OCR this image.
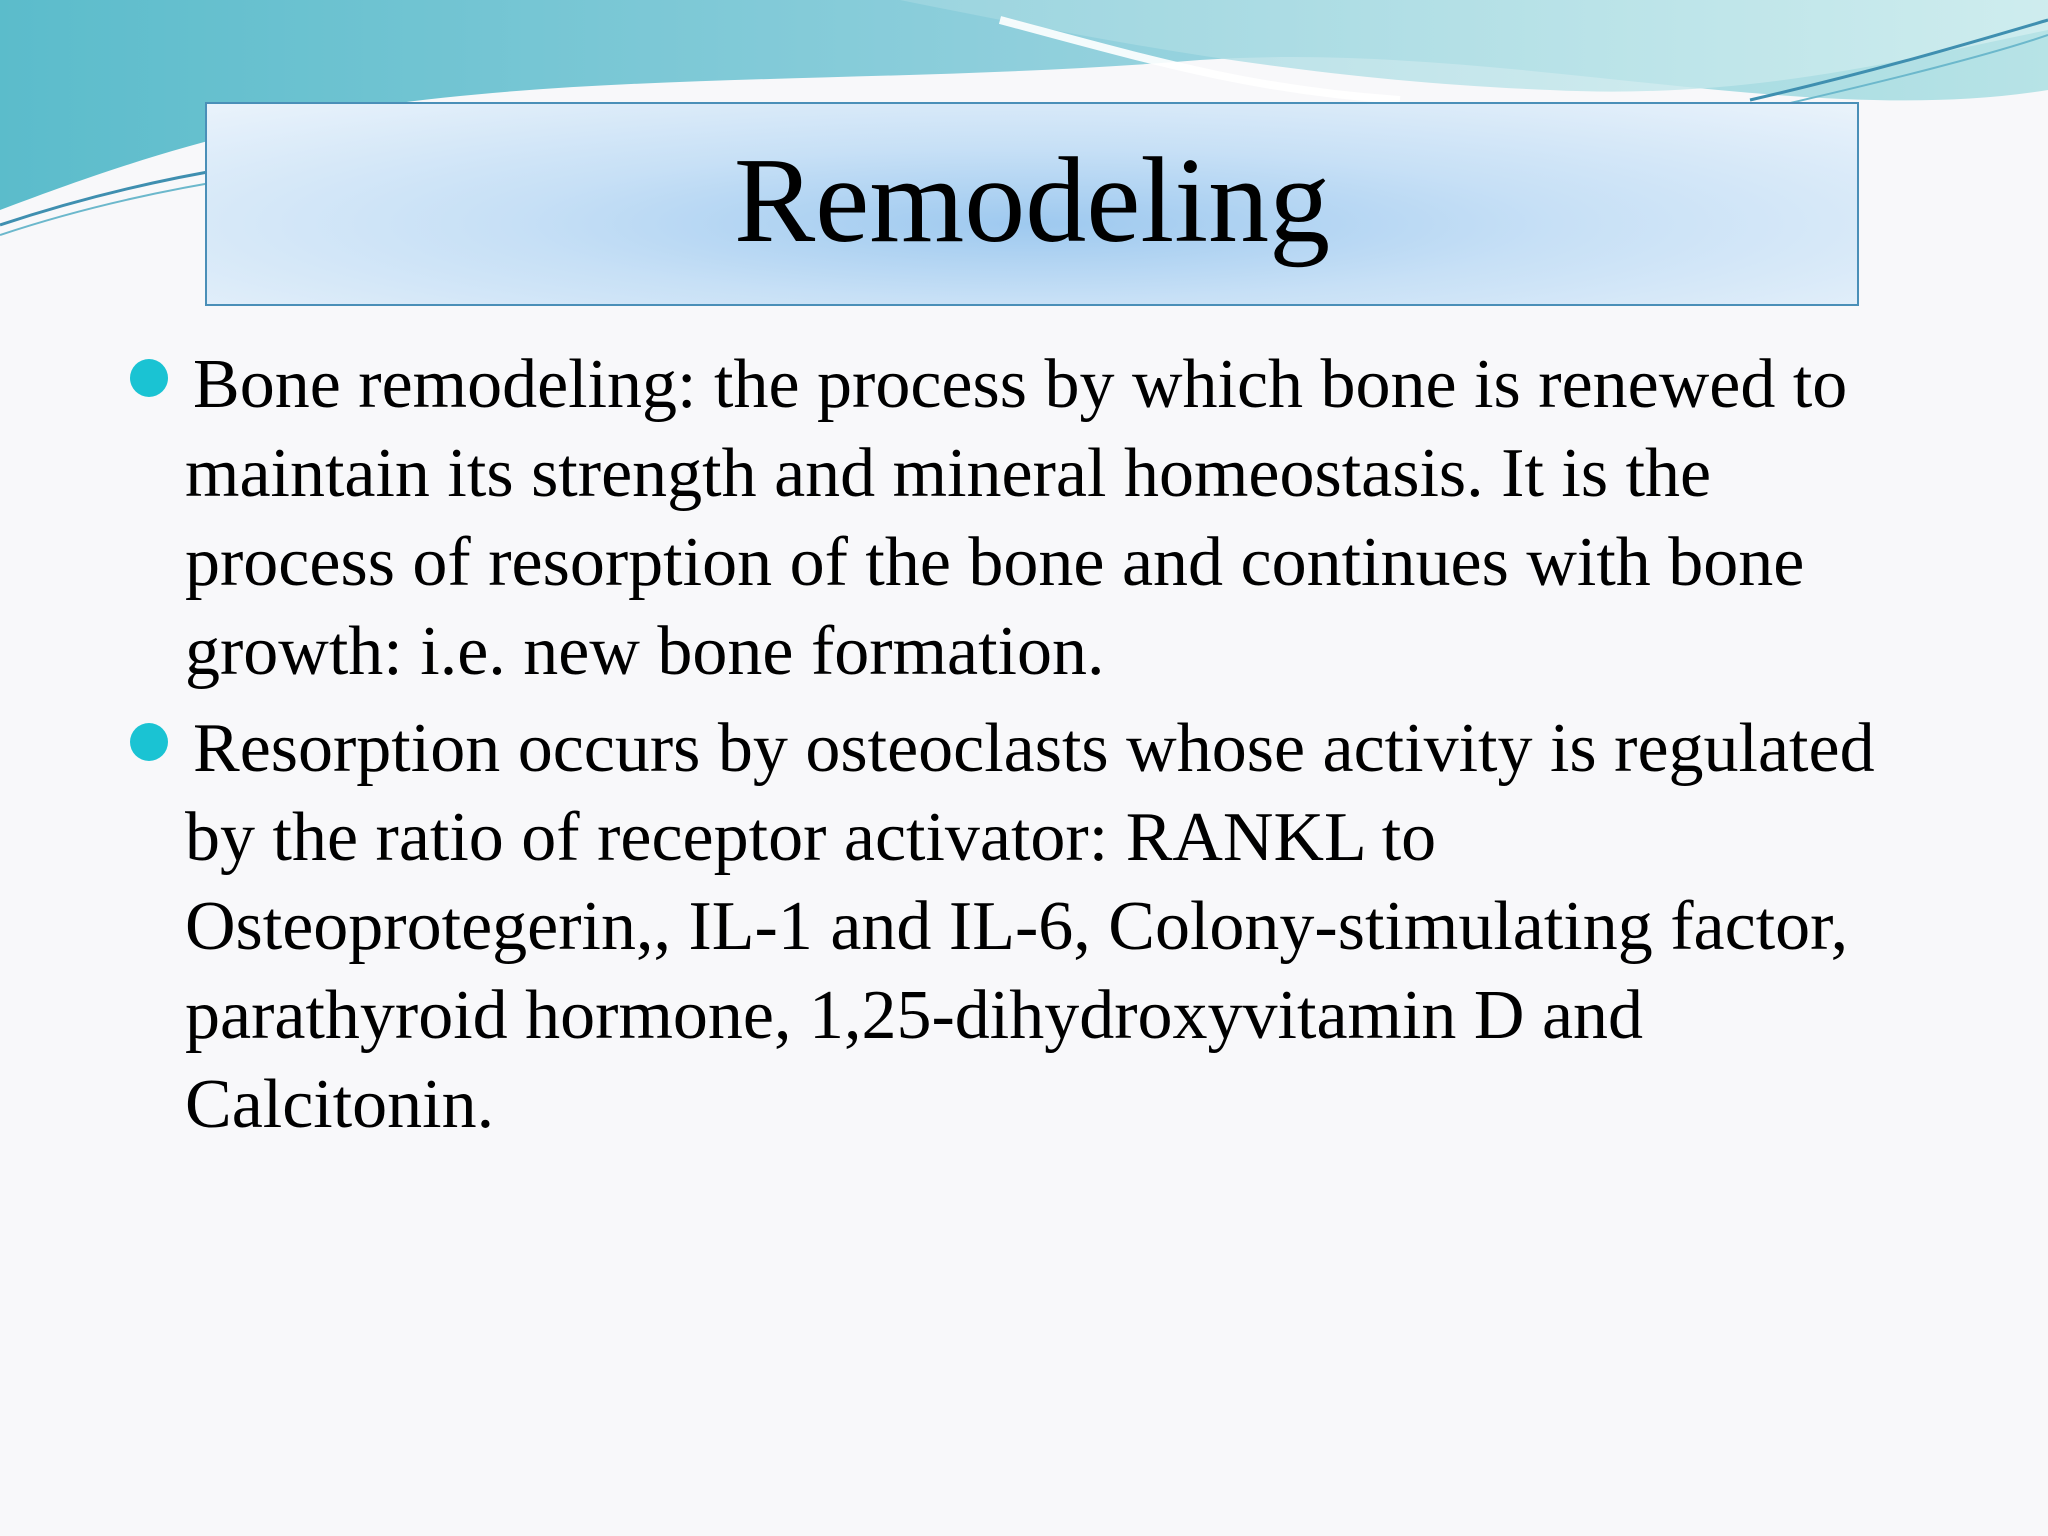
Remodeling
Bone remodeling: the process by which bone is renewed to maintain its strength and mineral homeostasis. It is the process of resorption of the bone and continues with bone growth: i.e. new bone formation.
Resorption occurs by osteoclasts whose activity is regulated by the ratio of receptor activator: RANKL to Osteoprotegerin,, IL-1 and IL-6, Colony-stimulating factor, parathyroid hormone, 1,25-dihydroxyvitamin D and Calcitonin.
